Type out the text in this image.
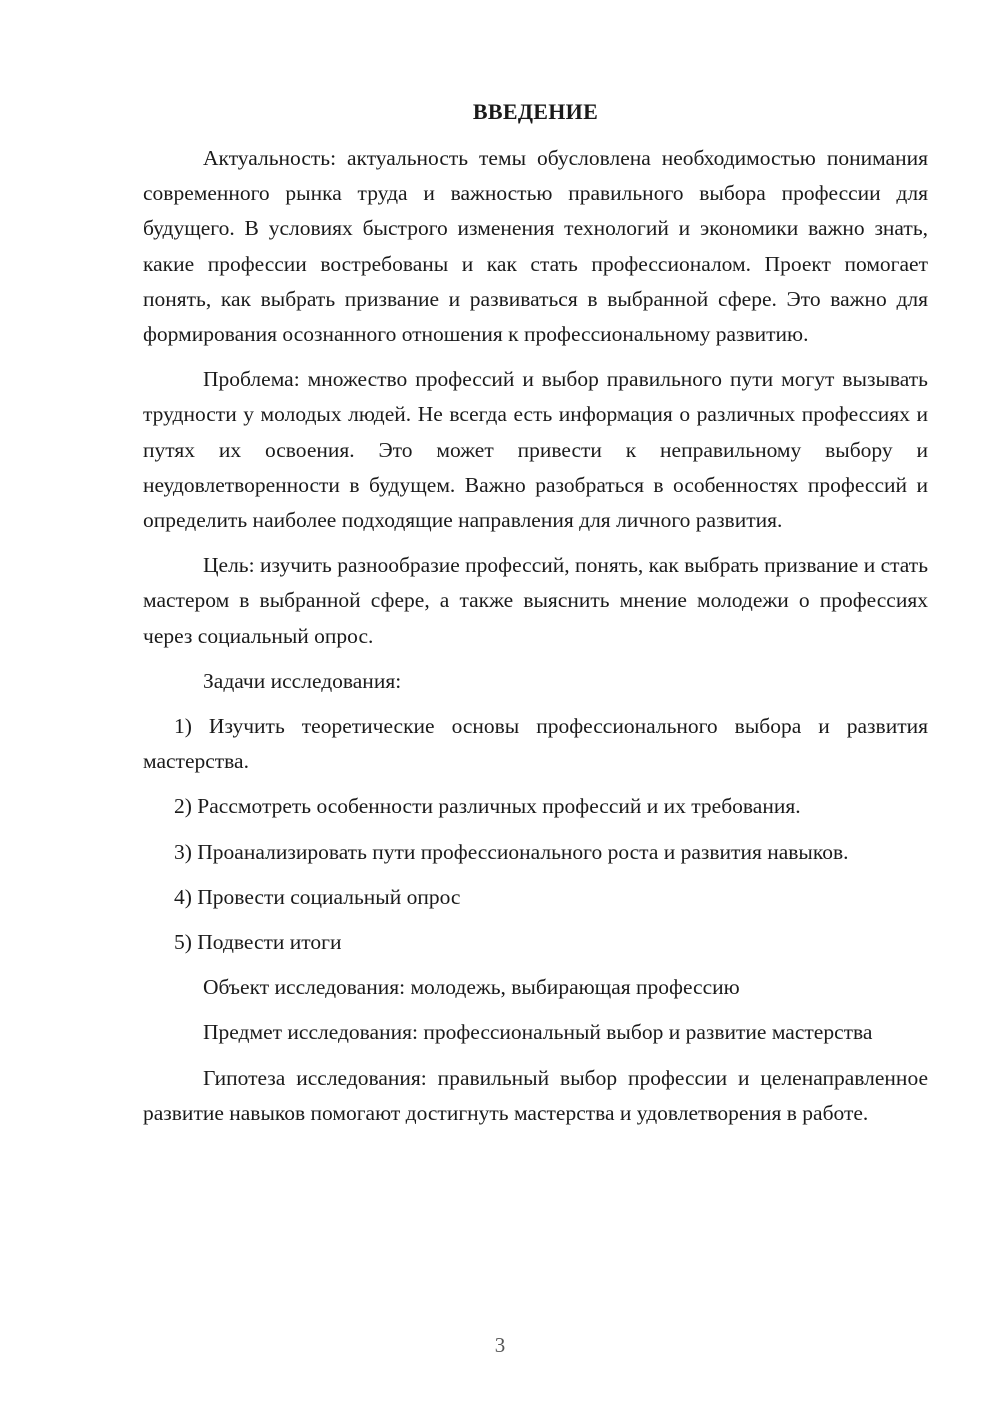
ВВЕДЕНИЕ

Актуальность: актуальность темы обусловлена необходимостью понимания современного рынка труда и важностью правильного выбора профессии для будущего. В условиях быстрого изменения технологий и экономики важно знать, какие профессии востребованы и как стать профессионалом. Проект помогает понять, как выбрать призвание и развиваться в выбранной сфере. Это важно для формирования осознанного отношения к профессиональному развитию.

Проблема: множество профессий и выбор правильного пути могут вызывать трудности у молодых людей. Не всегда есть информация о различных профессиях и путях их освоения. Это может привести к неправильному выбору и неудовлетворенности в будущем. Важно разобраться в особенностях профессий и определить наиболее подходящие направления для личного развития.

Цель: изучить разнообразие профессий, понять, как выбрать призвание и стать мастером в выбранной сфере, а также выяснить мнение молодежи о профессиях через социальный опрос.

Задачи исследования:

1) Изучить теоретические основы профессионального выбора и развития мастерства.

2) Рассмотреть особенности различных профессий и их требования.

3) Проанализировать пути профессионального роста и развития навыков.

4) Провести социальный опрос

5) Подвести итоги

Объект исследования: молодежь, выбирающая профессию

Предмет исследования: профессиональный выбор и развитие мастерства

Гипотеза исследования: правильный выбор профессии и целенаправленное развитие навыков помогают достигнуть мастерства и удовлетворения в работе.

3
